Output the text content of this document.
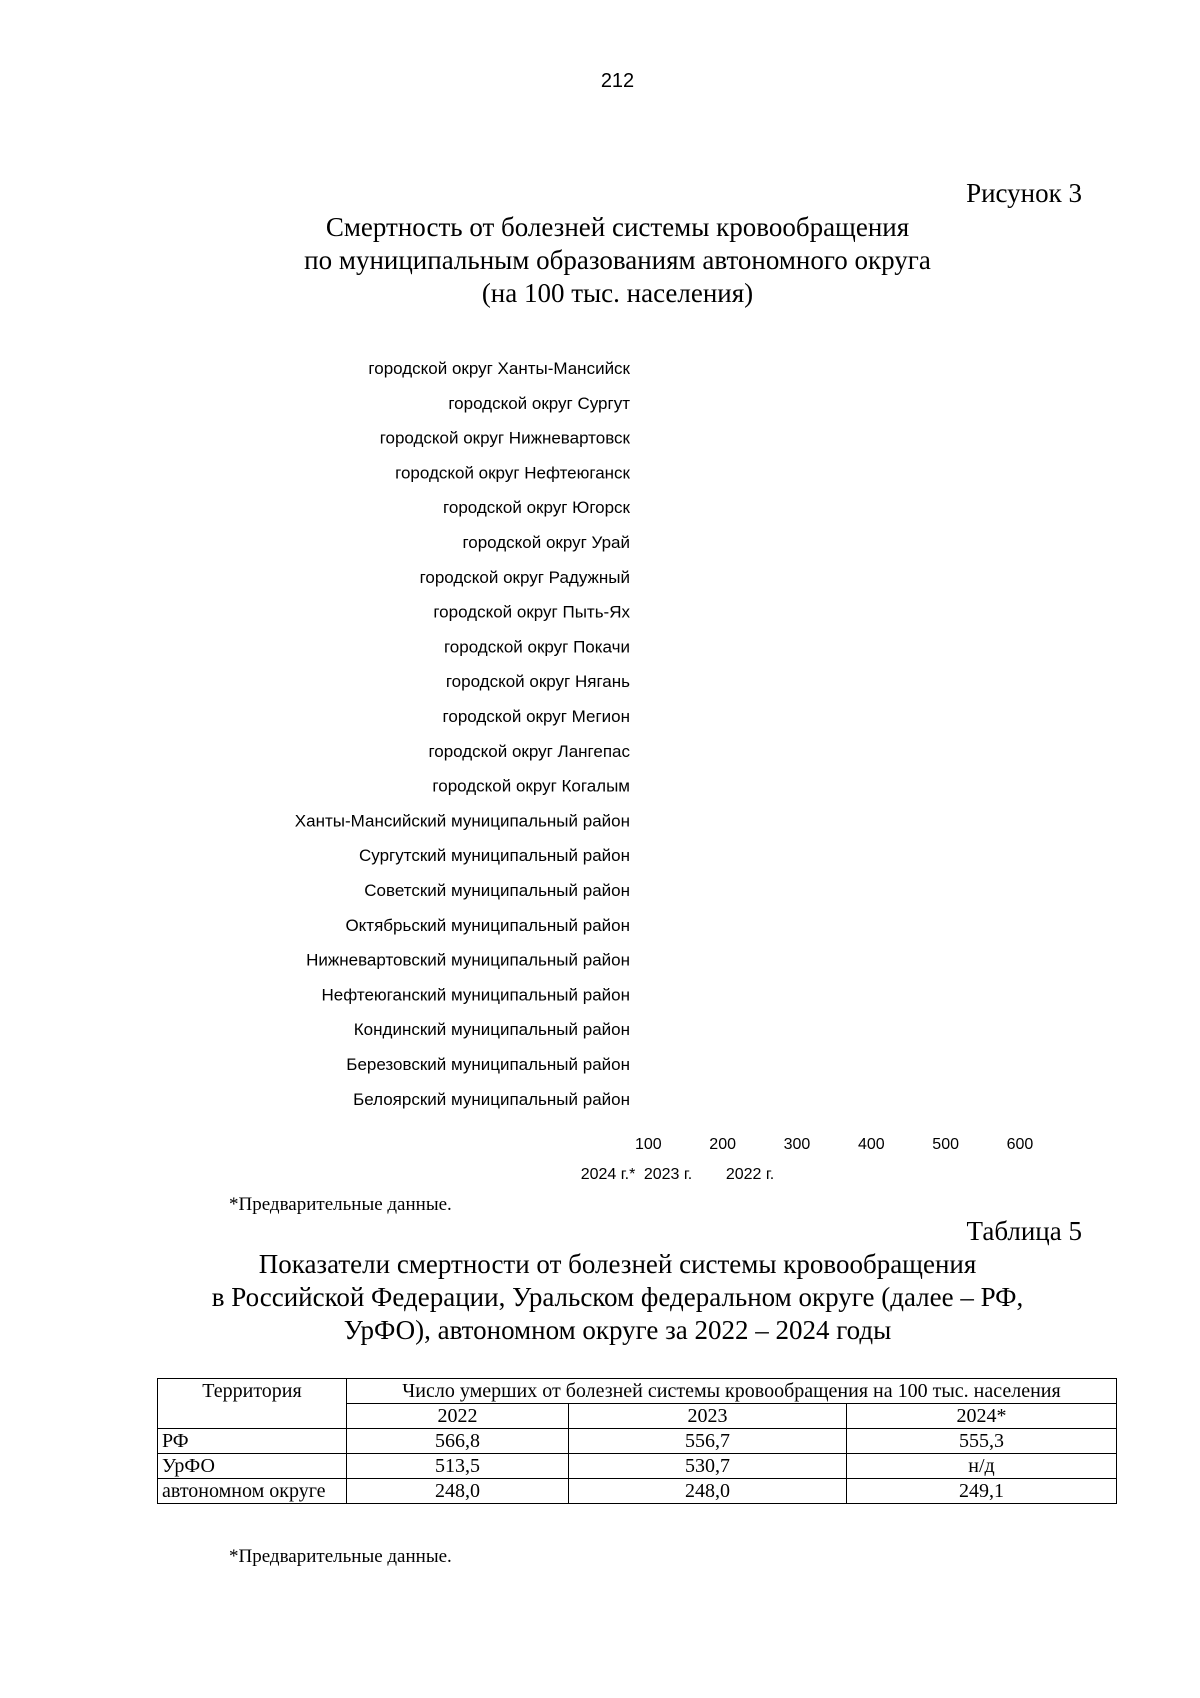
212
Рисунок 3
Смертность от болезней системы кровообращения
по муниципальным образованиям автономного округа
(на 100 тыс. населения)
городской округ Ханты-Мансийск
городской округ Сургут
городской округ Нижневартовск
городской округ Нефтеюганск
городской округ Югорск
городской округ Урай
городской округ Радужный
городской округ Пыть-Ях
городской округ Покачи
городской округ Нягань
городской округ Мегион
городской округ Лангепас
городской округ Когалым
Ханты-Мансийский муниципальный район
Сургутский муниципальный район
Советский муниципальный район
Октябрьский муниципальный район
Нижневартовский муниципальный район
Нефтеюганский муниципальный район
Кондинский муниципальный район
Березовский муниципальный район
Белоярский муниципальный район
100	200	300	400	500	600
2024 г.* 2023 г. 2022 г.
*Предварительные данные.
Таблица 5
Показатели смертности от болезней системы кровообращения
в Российской Федерации, Уральском федеральном округе (далее – РФ,
УрФО), автономном округе за 2022 – 2024 годы
Территория	Число умерших от болезней системы кровообращения на 100 тыс. населения		
	2022	2023	2024*
РФ	566,8	556,7	555,3
УрФО	513,5	530,7	н/д
автономном округе	248,0	248,0	249,1
*Предварительные данные.
